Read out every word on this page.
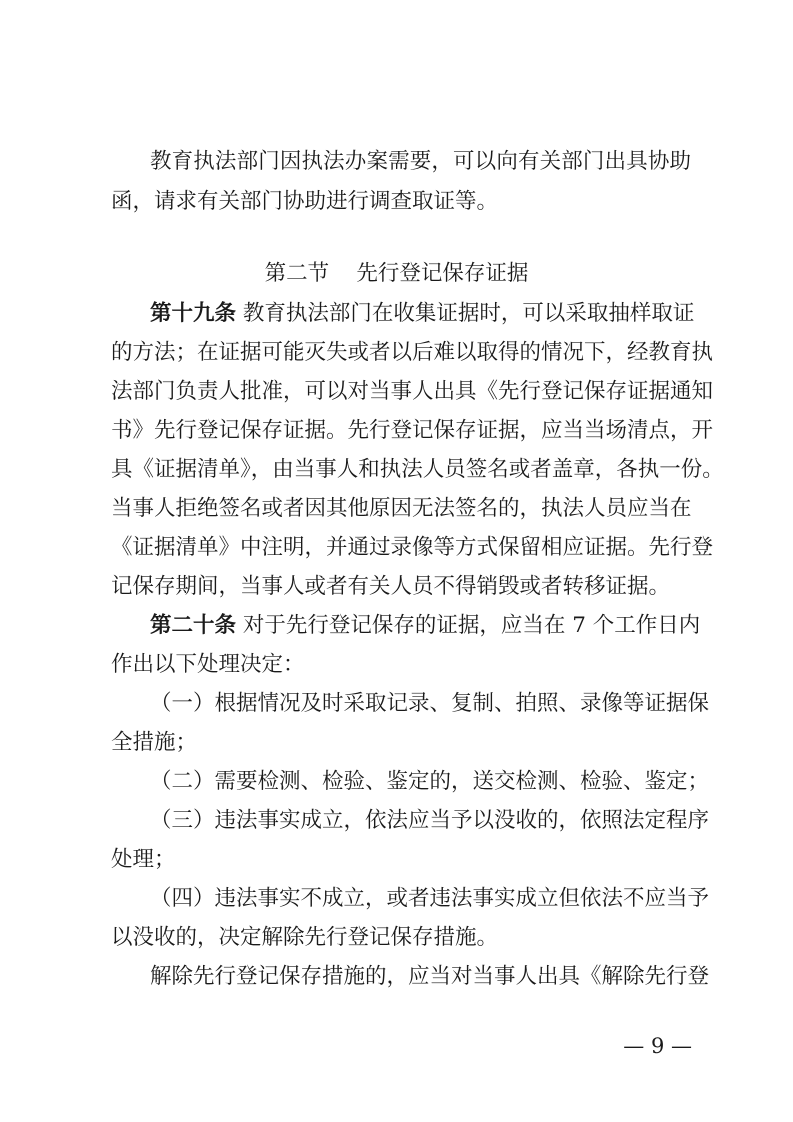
教育执法部门因执法办案需要，可以向有关部门出具协助
函，请求有关部门协助进行调查取证等。
第二节    先行登记保存证据
第十九条 教育执法部门在收集证据时，可以采取抽样取证
的方法；在证据可能灭失或者以后难以取得的情况下，经教育执
法部门负责人批准，可以对当事人出具《先行登记保存证据通知
书》先行登记保存证据。先行登记保存证据，应当当场清点，开
具《证据清单》，由当事人和执法人员签名或者盖章，各执一份。
当事人拒绝签名或者因其他原因无法签名的，执法人员应当在
《证据清单》中注明，并通过录像等方式保留相应证据。先行登
记保存期间，当事人或者有关人员不得销毁或者转移证据。
第二十条 对于先行登记保存的证据，应当在 7 个工作日内
作出以下处理决定：
（一）根据情况及时采取记录、复制、拍照、录像等证据保
全措施；
（二）需要检测、检验、鉴定的，送交检测、检验、鉴定；
（三）违法事实成立，依法应当予以没收的，依照法定程序
处理；
（四）违法事实不成立，或者违法事实成立但依法不应当予
以没收的，决定解除先行登记保存措施。
解除先行登记保存措施的，应当对当事人出具《解除先行登
— 9 —
